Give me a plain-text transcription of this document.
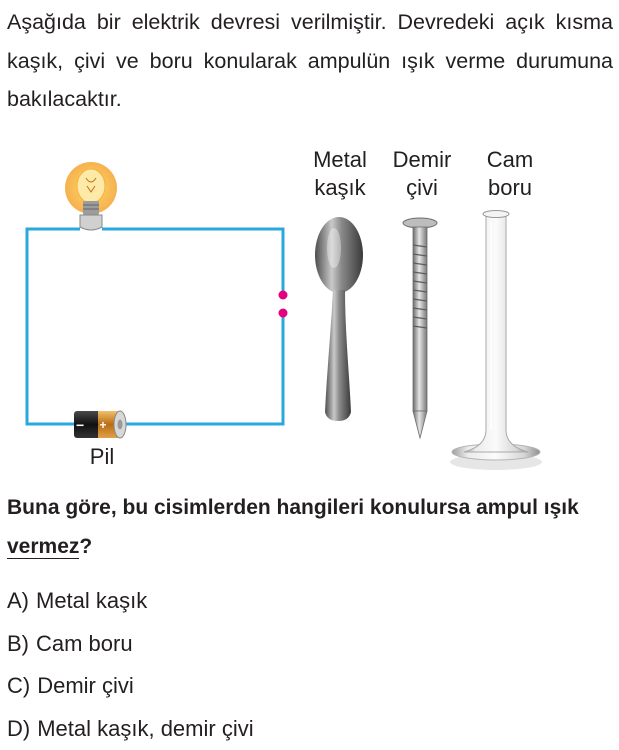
Aşağıda bir elektrik devresi verilmiştir. Devredeki açık kısma kaşık, çivi ve boru konularak ampulün ışık verme durumuna bakılacaktır.

+
−
Metal
kaşık
Demir
çivi
Cam
boru
Pil

Buna göre, bu cisimlerden hangileri konulursa ampul ışık vermez?

A) Metal kaşık
B) Cam boru
C) Demir çivi
D) Metal kaşık, demir çivi
